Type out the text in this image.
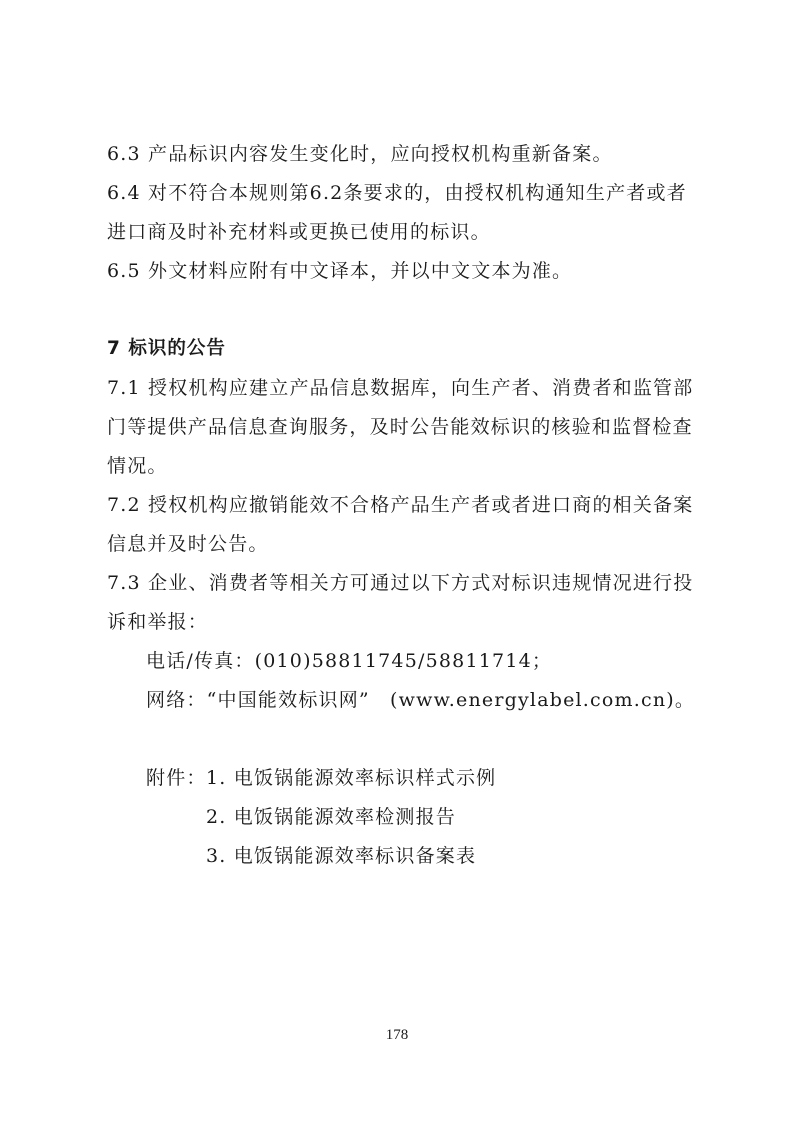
6.3 产品标识内容发生变化时，应向授权机构重新备案。
6.4 对不符合本规则第6.2条要求的，由授权机构通知生产者或者
进口商及时补充材料或更换已使用的标识。
6.5 外文材料应附有中文译本，并以中文文本为准。
7 标识的公告
7.1 授权机构应建立产品信息数据库，向生产者、消费者和监管部
门等提供产品信息查询服务，及时公告能效标识的核验和监督检查
情况。
7.2 授权机构应撤销能效不合格产品生产者或者进口商的相关备案
信息并及时公告。
7.3 企业、消费者等相关方可通过以下方式对标识违规情况进行投
诉和举报：
电话/传真：(010)58811745/58811714；
网络：“中国能效标识网”　(www.energylabel.com.cn)。
附件： 1. 电饭锅能源效率标识样式示例
2. 电饭锅能源效率检测报告
3. 电饭锅能源效率标识备案表
178
